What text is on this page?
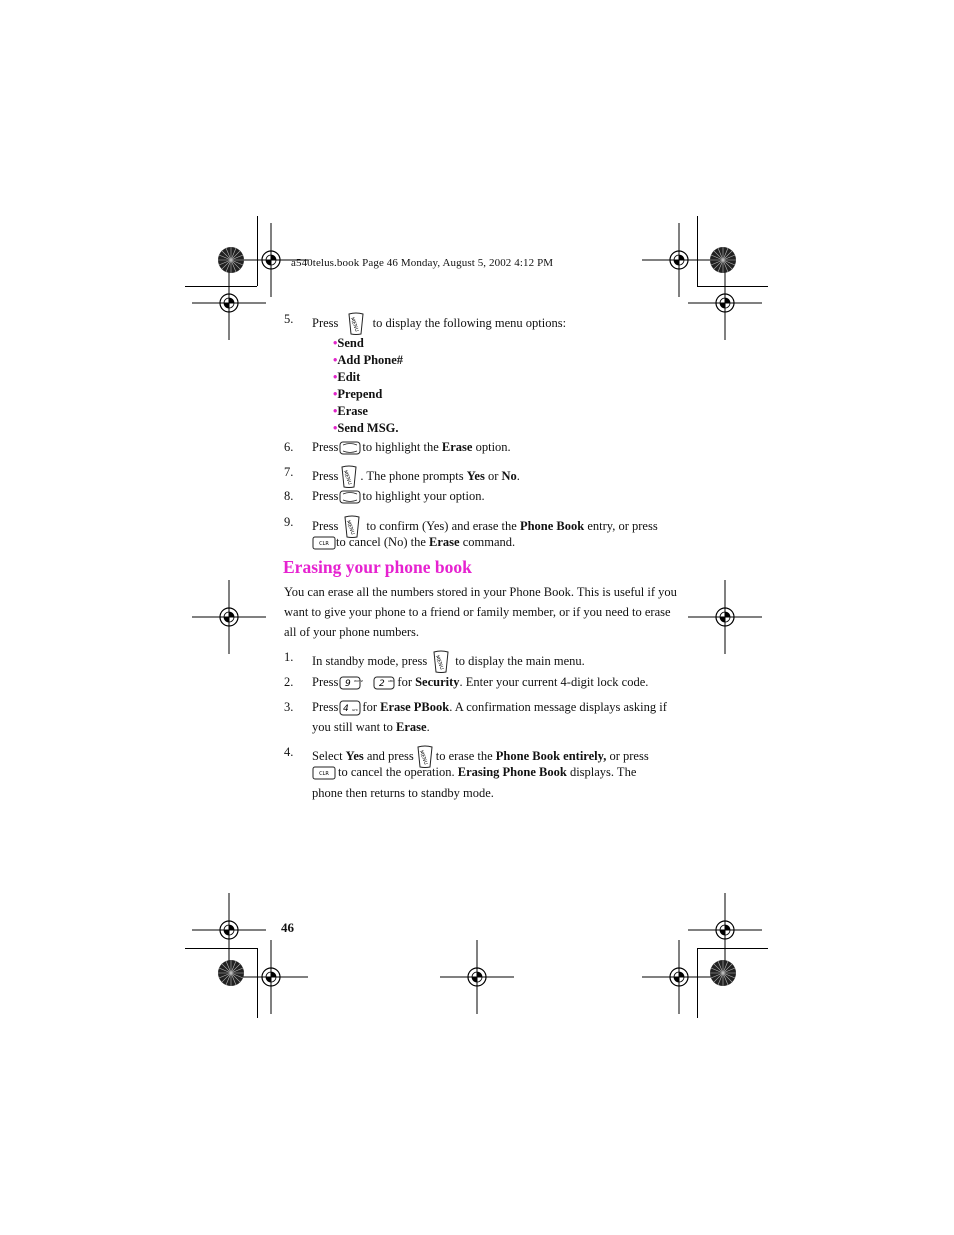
a540telus.book Page 46 Monday, August 5, 2002 4:12 PM
5. Press MENU to display the following menu options:
•Send
•Add Phone#
•Edit
•Prepend
•Erase
•Send MSG.
6. Press to highlight the Erase option.
7. Press MENU . The phone prompts Yes or No.
8. Press to highlight your option.
9. Press MENU to confirm (Yes) and erase the Phone Book entry, or press
CLR to cancel (No) the Erase command.
Erasing your phone book
You can erase all the numbers stored in your Phone Book. This is useful if you
want to give your phone to a friend or family member, or if you need to erase
all of your phone numbers.
1. In standby mode, press MENU to display the main menu.
2. Press 9 WXYZ 2 ABC for Security. Enter your current 4-digit lock code.
3. Press 4 GHI for Erase PBook. A confirmation message displays asking if
you still want to Erase.
4. Select Yes and press MENU to erase the Phone Book entirely, or press
CLR to cancel the operation. Erasing Phone Book displays. The
phone then returns to standby mode.
46
